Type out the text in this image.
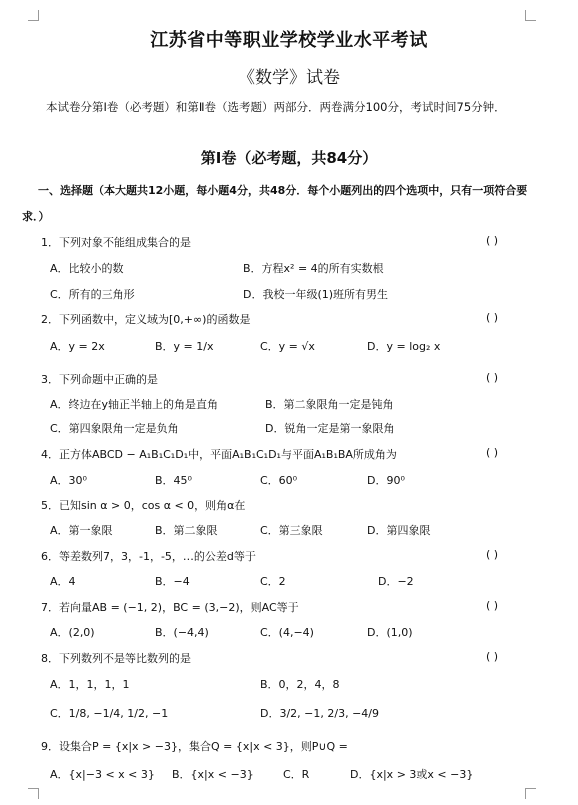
江苏省中等职业学校学业水平考试
《数学》试卷
本试卷分第Ⅰ卷（必考题）和第Ⅱ卷（选考题）两部分．两卷满分100分，考试时间75分钟．
第Ⅰ卷（必考题，共84分）
一、选择题（本大题共12小题，每小题4分，共48分．每个小题列出的四个选项中，只有一项符合要求．）
1．下列对象不能组成集合的是	( )
A．比较小的数	B．方程x² = 4的所有实数根
C．所有的三角形	D．我校一年级(1)班所有男生
2．下列函数中，定义域为[0,+∞)的函数是	( )
A．y = 2x	B．y = 1/x	C．y = √x	D．y = log₂ x
3．下列命题中正确的是	( )
A．终边在y轴正半轴上的角是直角	B．第二象限角一定是钝角
C．第四象限角一定是负角	D．锐角一定是第一象限角
4．正方体ABCD − A₁B₁C₁D₁中，平面A₁B₁C₁D₁与平面A₁B₁BA所成角为	( )
A．30⁰	B．45⁰	C．60⁰	D．90⁰
5．已知sin α > 0，cos α < 0，则角α在
A．第一象限	B．第二象限	C．第三象限	D．第四象限
6．等差数列7，3，-1，-5，…的公差d等于	( )
A．4	B．−4	C．2	D．−2
7．若向量AB = (−1, 2)，BC = (3,−2)，则AC等于	( )
A．(2,0)	B．(−4,4)	C．(4,−4)	D．(1,0)
8．下列数列不是等比数列的是	( )
A．1，1，1，1	B．0，2，4，8
C．1/8, −1/4, 1/2, −1	D．3/2, −1, 2/3, −4/9
9．设集合P = {x|x > −3}，集合Q = {x|x < 3}，则P∪Q =
A．{x|−3 < x < 3} B．{x|x < −3}	C．R	D．{x|x > 3或x < −3}
